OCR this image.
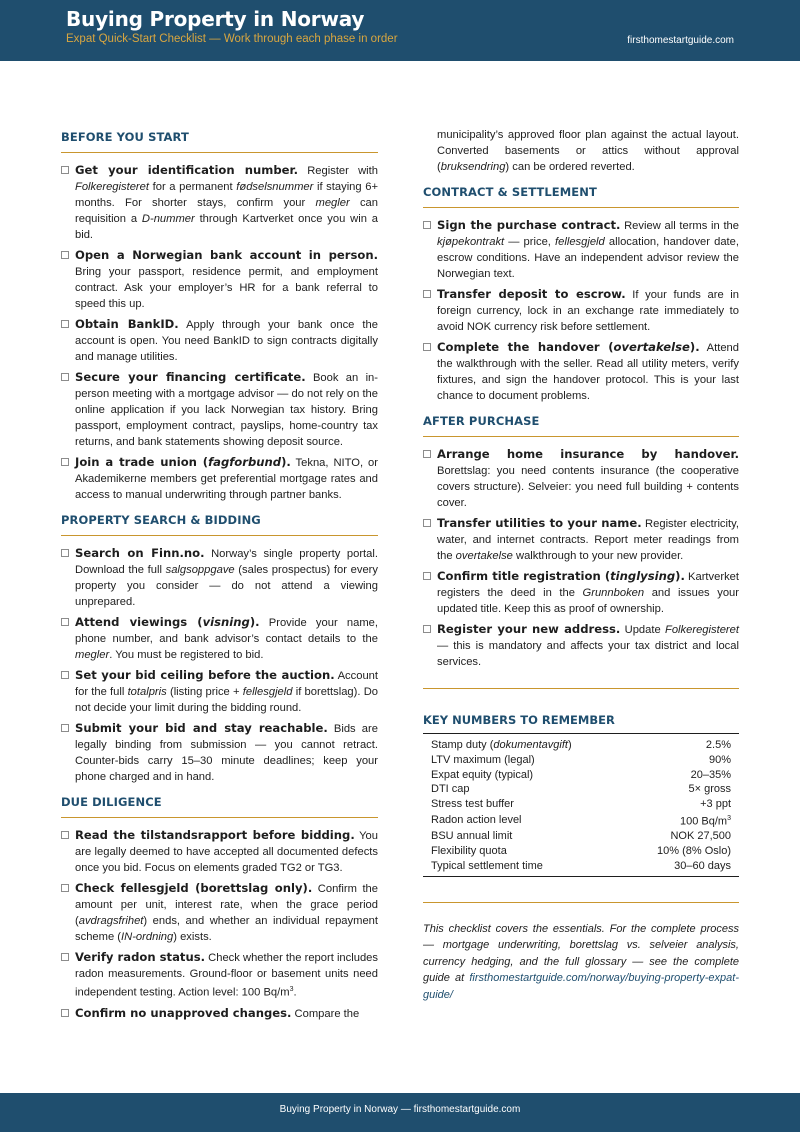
Buying Property in Norway
Expat Quick-Start Checklist — Work through each phase in order	firsthomestartguide.com
BEFORE YOU START
Get your identification number. Register with Folkeregisteret for a permanent fødselsnummer if staying 6+ months. For shorter stays, confirm your megler can requisition a D-nummer through Kartverket once you win a bid.
Open a Norwegian bank account in person. Bring your passport, residence permit, and employment contract. Ask your employer’s HR for a bank referral to speed this up.
Obtain BankID. Apply through your bank once the account is open. You need BankID to sign contracts digitally and manage utilities.
Secure your financing certificate. Book an in-person meeting with a mortgage advisor — do not rely on the online application if you lack Norwegian tax history. Bring passport, employment contract, payslips, home-country tax returns, and bank statements showing deposit source.
Join a trade union (fagforbund). Tekna, NITO, or Akademikerne members get preferential mortgage rates and access to manual underwriting through partner banks.
PROPERTY SEARCH & BIDDING
Search on Finn.no. Norway’s single property portal. Download the full salgsoppgave (sales prospectus) for every property you consider — do not attend a viewing unprepared.
Attend viewings (visning). Provide your name, phone number, and bank advisor’s contact details to the megler. You must be registered to bid.
Set your bid ceiling before the auction. Account for the full totalpris (listing price + fellesgjeld if borettslag). Do not decide your limit during the bidding round.
Submit your bid and stay reachable. Bids are legally binding from submission — you cannot retract. Counter-bids carry 15–30 minute deadlines; keep your phone charged and in hand.
DUE DILIGENCE
Read the tilstandsrapport before bidding. You are legally deemed to have accepted all documented defects once you bid. Focus on elements graded TG2 or TG3.
Check fellesgjeld (borettslag only). Confirm the amount per unit, interest rate, when the grace period (avdragsfrihet) ends, and whether an individual repayment scheme (IN-ordning) exists.
Verify radon status. Check whether the report includes radon measurements. Ground-floor or basement units need independent testing. Action level: 100 $Bq/m^3$.
Confirm no unapproved changes. Compare the
municipality’s approved floor plan against the actual layout. Converted basements or attics without approval (bruksendring) can be ordered reverted.
CONTRACT & SETTLEMENT
Sign the purchase contract. Review all terms in the kjøpekontrakt — price, fellesgjeld allocation, handover date, escrow conditions. Have an independent advisor review the Norwegian text.
Transfer deposit to escrow. If your funds are in foreign currency, lock in an exchange rate immediately to avoid NOK currency risk before settlement.
Complete the handover (overtakelse). Attend the walkthrough with the seller. Read all utility meters, verify fixtures, and sign the handover protocol. This is your last chance to document problems.
AFTER PURCHASE
Arrange home insurance by handover. Borettslag: you need contents insurance (the cooperative covers structure). Selveier: you need full building + contents cover.
Transfer utilities to your name. Register electricity, water, and internet contracts. Report meter readings from the overtakelse walkthrough to your new provider.
Confirm title registration (tinglysing). Kartverket registers the deed in the Grunnboken and issues your updated title. Keep this as proof of ownership.
Register your new address. Update Folkeregisteret — this is mandatory and affects your tax district and local services.
KEY NUMBERS TO REMEMBER
Stamp duty (dokumentavgift)	2.5%
LTV maximum (legal)	90%
Expat equity (typical)	20–35%
DTI cap	5× gross
Stress test buffer	+3 ppt
Radon action level	100 $Bq/m^3$
BSU annual limit	NOK 27,500
Flexibility quota	10% (8% Oslo)
Typical settlement time	30–60 days
This checklist covers the essentials. For the complete process — mortgage underwriting, borettslag vs. selveier analysis, currency hedging, and the full glossary — see the complete guide at firsthomestartguide.com/norway/buying-property-expat-guide/
Buying Property in Norway — firsthomestartguide.com
